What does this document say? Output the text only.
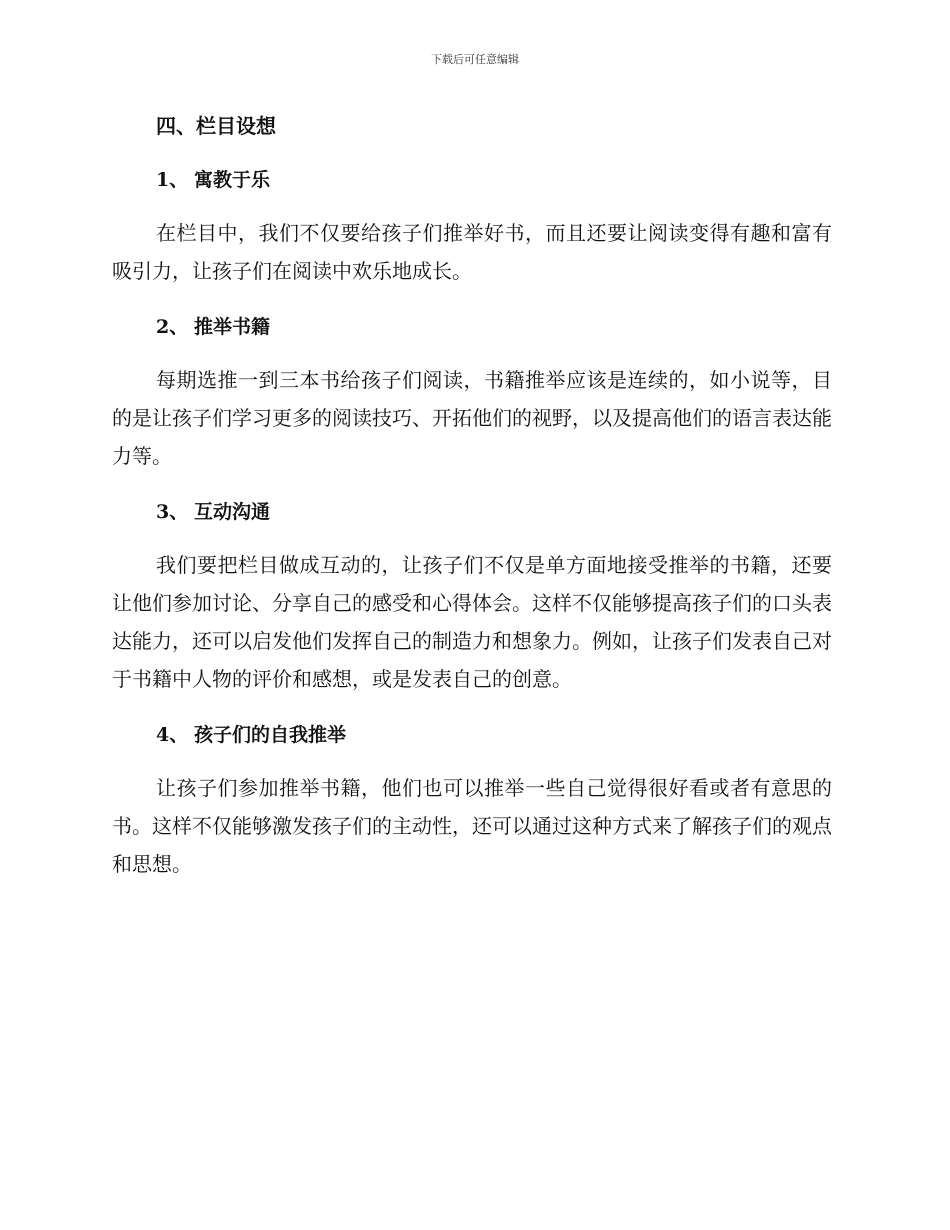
下载后可任意编辑
四、栏目设想
1、 寓教于乐

在栏目中，我们不仅要给孩子们推举好书，而且还要让阅读变得有趣和富有吸引力，让孩子们在阅读中欢乐地成长。

2、 推举书籍

每期选推一到三本书给孩子们阅读，书籍推举应该是连续的，如小说等，目的是让孩子们学习更多的阅读技巧、开拓他们的视野，以及提高他们的语言表达能力等。

3、 互动沟通

我们要把栏目做成互动的，让孩子们不仅是单方面地接受推举的书籍，还要让他们参加讨论、分享自己的感受和心得体会。这样不仅能够提高孩子们的口头表达能力，还可以启发他们发挥自己的制造力和想象力。例如，让孩子们发表自己对于书籍中人物的评价和感想，或是发表自己的创意。

4、 孩子们的自我推举

让孩子们参加推举书籍，他们也可以推举一些自己觉得很好看或者有意思的书。这样不仅能够激发孩子们的主动性，还可以通过这种方式来了解孩子们的观点和思想。
